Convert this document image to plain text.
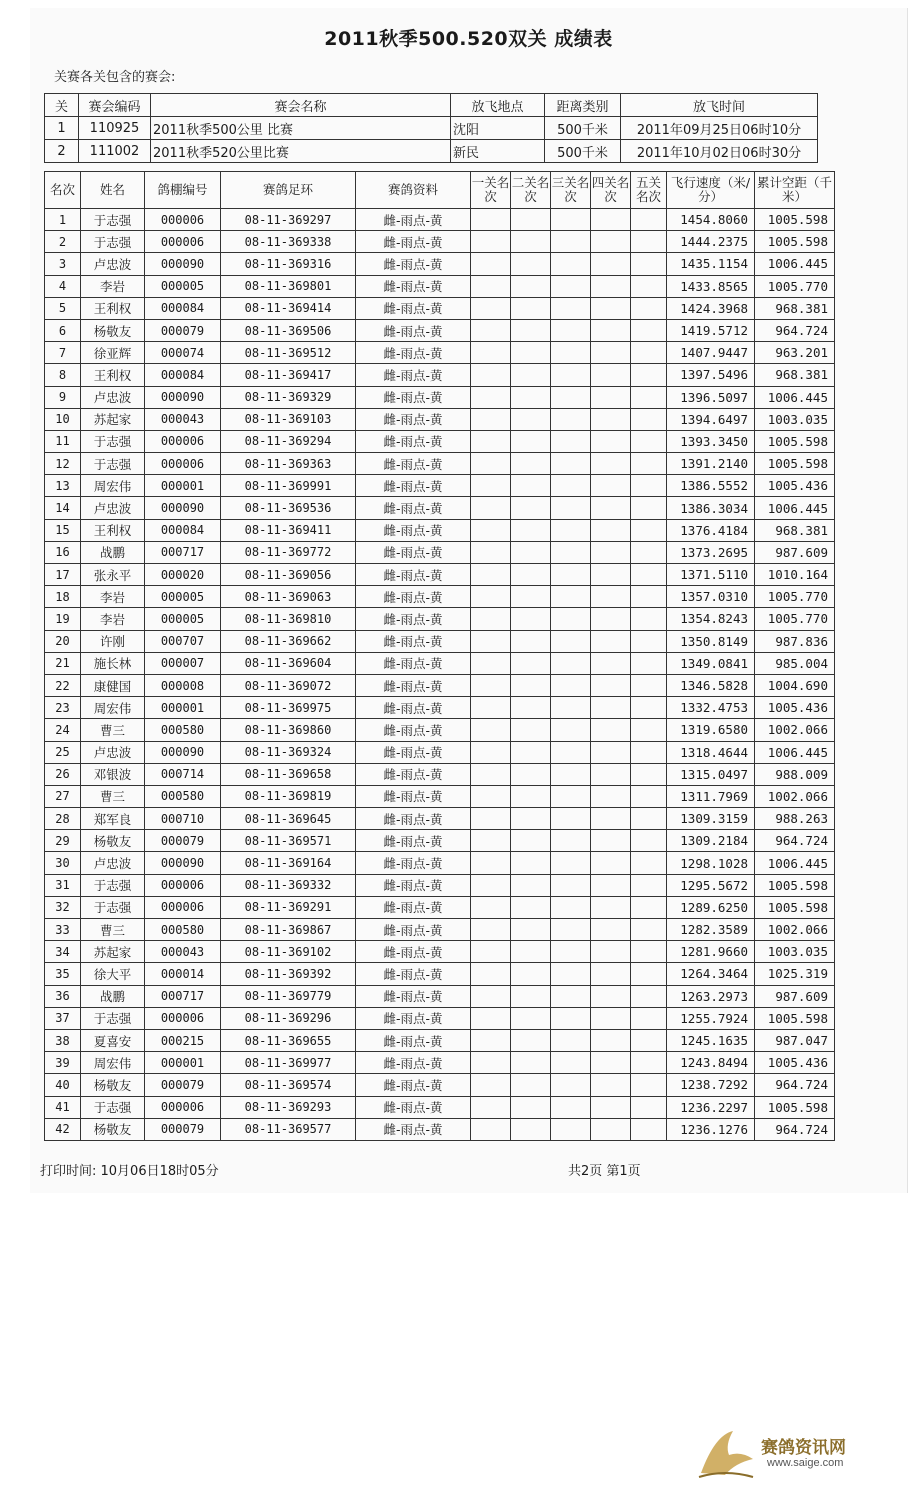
2011秋季500.520双关 成绩表
关赛各关包含的赛会:
关	赛会编码	赛会名称	放飞地点	距离类别	放飞时间
1	110925	2011秋季500公里 比赛	沈阳	500千米	2011年09月25日06时10分
2	111002	2011秋季520公里比赛	新民	500千米	2011年10月02日06时30分
名次	姓名	鸽棚编号	赛鸽足环	赛鸽资料	一关名次	二关名次	三关名次	四关名次	五关名次	飞行速度（米/分）	累计空距（千米）
1	于志强	000006	08-11-369297	雌-雨点-黄						1454.8060	1005.598
2	于志强	000006	08-11-369338	雌-雨点-黄						1444.2375	1005.598
3	卢忠波	000090	08-11-369316	雌-雨点-黄						1435.1154	1006.445
4	李岩	000005	08-11-369801	雌-雨点-黄						1433.8565	1005.770
5	王利权	000084	08-11-369414	雌-雨点-黄						1424.3968	968.381
6	杨敬友	000079	08-11-369506	雌-雨点-黄						1419.5712	964.724
7	徐亚辉	000074	08-11-369512	雌-雨点-黄						1407.9447	963.201
8	王利权	000084	08-11-369417	雌-雨点-黄						1397.5496	968.381
9	卢忠波	000090	08-11-369329	雌-雨点-黄						1396.5097	1006.445
10	苏起家	000043	08-11-369103	雌-雨点-黄						1394.6497	1003.035
11	于志强	000006	08-11-369294	雌-雨点-黄						1393.3450	1005.598
12	于志强	000006	08-11-369363	雌-雨点-黄						1391.2140	1005.598
13	周宏伟	000001	08-11-369991	雌-雨点-黄						1386.5552	1005.436
14	卢忠波	000090	08-11-369536	雌-雨点-黄						1386.3034	1006.445
15	王利权	000084	08-11-369411	雌-雨点-黄						1376.4184	968.381
16	战鹏	000717	08-11-369772	雌-雨点-黄						1373.2695	987.609
17	张永平	000020	08-11-369056	雌-雨点-黄						1371.5110	1010.164
18	李岩	000005	08-11-369063	雌-雨点-黄						1357.0310	1005.770
19	李岩	000005	08-11-369810	雌-雨点-黄						1354.8243	1005.770
20	许刚	000707	08-11-369662	雌-雨点-黄						1350.8149	987.836
21	施长林	000007	08-11-369604	雌-雨点-黄						1349.0841	985.004
22	康健国	000008	08-11-369072	雌-雨点-黄						1346.5828	1004.690
23	周宏伟	000001	08-11-369975	雌-雨点-黄						1332.4753	1005.436
24	曹三	000580	08-11-369860	雌-雨点-黄						1319.6580	1002.066
25	卢忠波	000090	08-11-369324	雌-雨点-黄						1318.4644	1006.445
26	邓银波	000714	08-11-369658	雌-雨点-黄						1315.0497	988.009
27	曹三	000580	08-11-369819	雌-雨点-黄						1311.7969	1002.066
28	郑军良	000710	08-11-369645	雌-雨点-黄						1309.3159	988.263
29	杨敬友	000079	08-11-369571	雌-雨点-黄						1309.2184	964.724
30	卢忠波	000090	08-11-369164	雌-雨点-黄						1298.1028	1006.445
31	于志强	000006	08-11-369332	雌-雨点-黄						1295.5672	1005.598
32	于志强	000006	08-11-369291	雌-雨点-黄						1289.6250	1005.598
33	曹三	000580	08-11-369867	雌-雨点-黄						1282.3589	1002.066
34	苏起家	000043	08-11-369102	雌-雨点-黄						1281.9660	1003.035
35	徐大平	000014	08-11-369392	雌-雨点-黄						1264.3464	1025.319
36	战鹏	000717	08-11-369779	雌-雨点-黄						1263.2973	987.609
37	于志强	000006	08-11-369296	雌-雨点-黄						1255.7924	1005.598
38	夏喜安	000215	08-11-369655	雌-雨点-黄						1245.1635	987.047
39	周宏伟	000001	08-11-369977	雌-雨点-黄						1243.8494	1005.436
40	杨敬友	000079	08-11-369574	雌-雨点-黄						1238.7292	964.724
41	于志强	000006	08-11-369293	雌-雨点-黄						1236.2297	1005.598
42	杨敬友	000079	08-11-369577	雌-雨点-黄						1236.1276	964.724
打印时间: 10月06日18时05分	共2页 第1页
赛鸽资讯网
www.saige.com
